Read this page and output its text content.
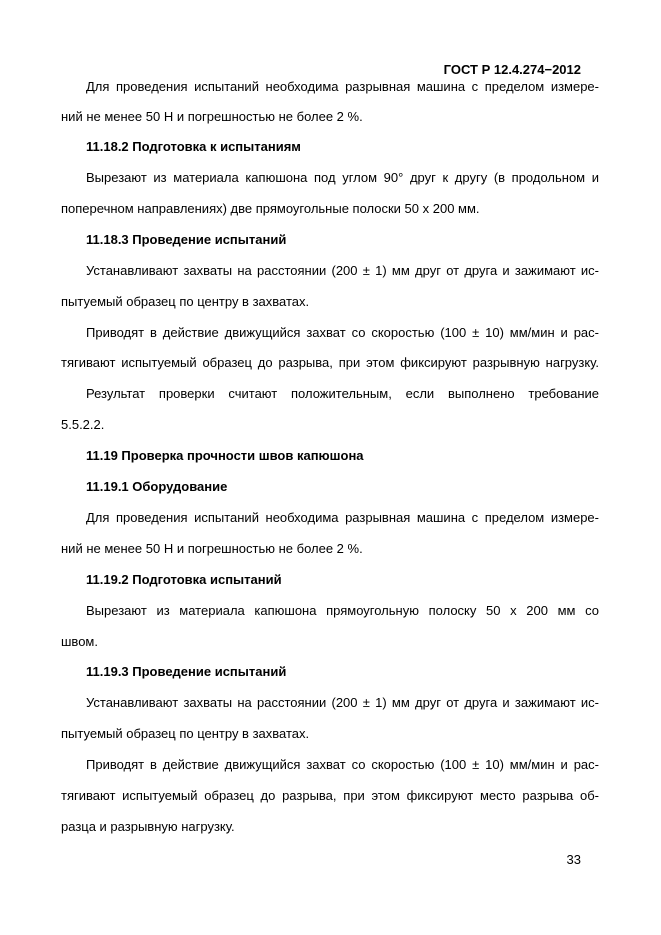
ГОСТ Р 12.4.274−2012
Для проведения испытаний необходима разрывная машина с пределом измере-
ний не менее 50 Н и погрешностью не более 2 %.
11.18.2 Подготовка к испытаниям
Вырезают из материала капюшона под углом 90° друг к другу (в продольном и
поперечном направлениях) две прямоугольные полоски 50 х 200 мм.
11.18.3 Проведение испытаний
Устанавливают захваты на расстоянии (200 ± 1) мм друг от друга и зажимают ис-
пытуемый образец по центру в захватах.
Приводят в действие движущийся захват со скоростью (100 ± 10) мм/мин и рас-
тягивают испытуемый образец до разрыва, при этом фиксируют разрывную нагрузку.
Результат проверки считают положительным, если выполнено требование
5.5.2.2.
11.19 Проверка прочности швов капюшона
11.19.1 Оборудование
Для проведения испытаний необходима разрывная машина с пределом измере-
ний не менее 50 Н и погрешностью не более 2 %.
11.19.2 Подготовка испытаний
Вырезают из материала капюшона прямоугольную полоску 50 х 200 мм со
швом.
11.19.3 Проведение испытаний
Устанавливают захваты на расстоянии (200 ± 1) мм друг от друга и зажимают ис-
пытуемый образец по центру в захватах.
Приводят в действие движущийся захват со скоростью (100 ± 10) мм/мин и рас-
тягивают испытуемый образец до разрыва, при этом фиксируют место разрыва об-
разца и разрывную нагрузку.
33
